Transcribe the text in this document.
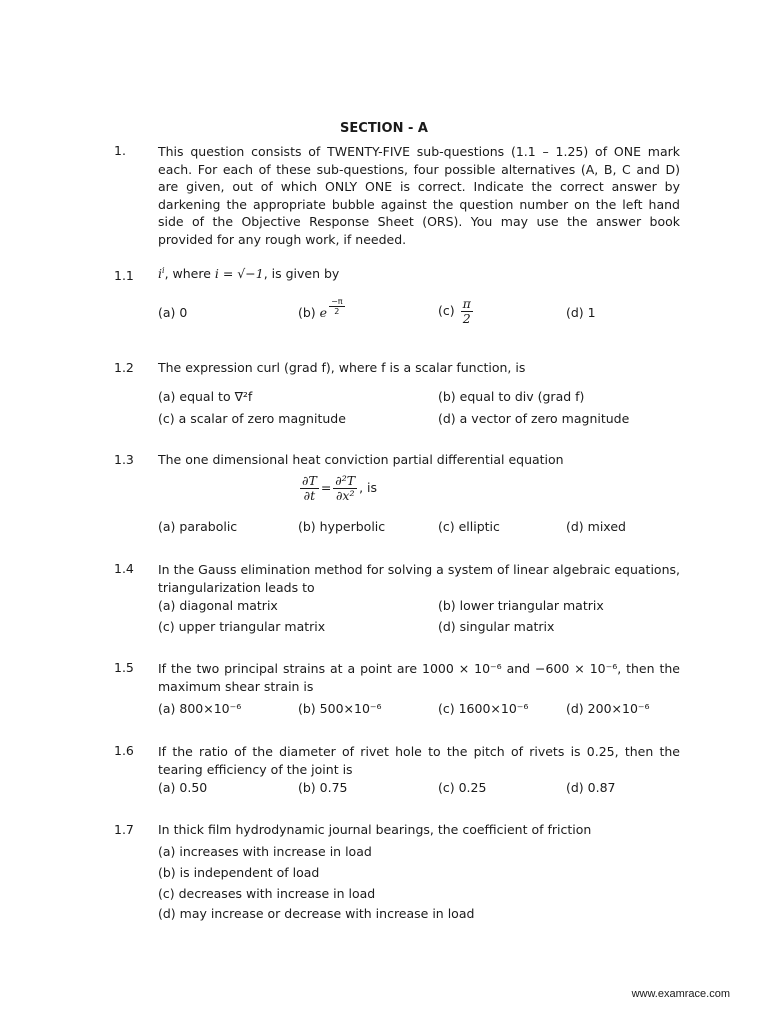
SECTION - A
1.	This question consists of TWENTY-FIVE sub-questions (1.1 – 1.25) of ONE mark each. For each of these sub-questions, four possible alternatives (A, B, C and D) are given, out of which ONLY ONE is correct. Indicate the correct answer by darkening the appropriate bubble against the question number on the left hand side of the Objective Response Sheet (ORS). You may use the answer book provided for any rough work, if needed.
1.1 $i^i$, where i = √−1, is given by
(a) 0	(b) e $\frac{-\pi}{2}$	$(c) \frac{\pi}{2}$	(d) 1
1.2 The expression curl (grad f), where f is a scalar function, is
(a) equal to ∇²f	(b) equal to div (grad f)
(c) a scalar of zero magnitude	(d) a vector of zero magnitude
1.3 The one dimensional heat conviction partial differential equation
$\frac{\partial T}{\partial t} = \frac{\text{∂²T}}{\text{∂x²}}$ , is
(a) parabolic	(b) hyperbolic	(c) elliptic	(d) mixed
1.4 In the Gauss elimination method for solving a system of linear algebraic equations, triangularization leads to
(a) diagonal matrix	(b) lower triangular matrix
(c) upper triangular matrix	(d) singular matrix
1.5 If the two principal strains at a point are 1000 × 10⁻⁶ and −600 × 10⁻⁶, then the maximum shear strain is
(a) 800×10⁻⁶	(b) 500×10⁻⁶	(c) 1600×10⁻⁶	(d) 200×10⁻⁶
1.6 If the ratio of the diameter of rivet hole to the pitch of rivets is 0.25, then the tearing efficiency of the joint is
(a) 0.50	(b) 0.75	(c) 0.25	(d) 0.87
1.7 In thick film hydrodynamic journal bearings, the coefficient of friction
(a) increases with increase in load
(b) is independent of load
(c) decreases with increase in load
(d) may increase or decrease with increase in load
www.examrace.com
